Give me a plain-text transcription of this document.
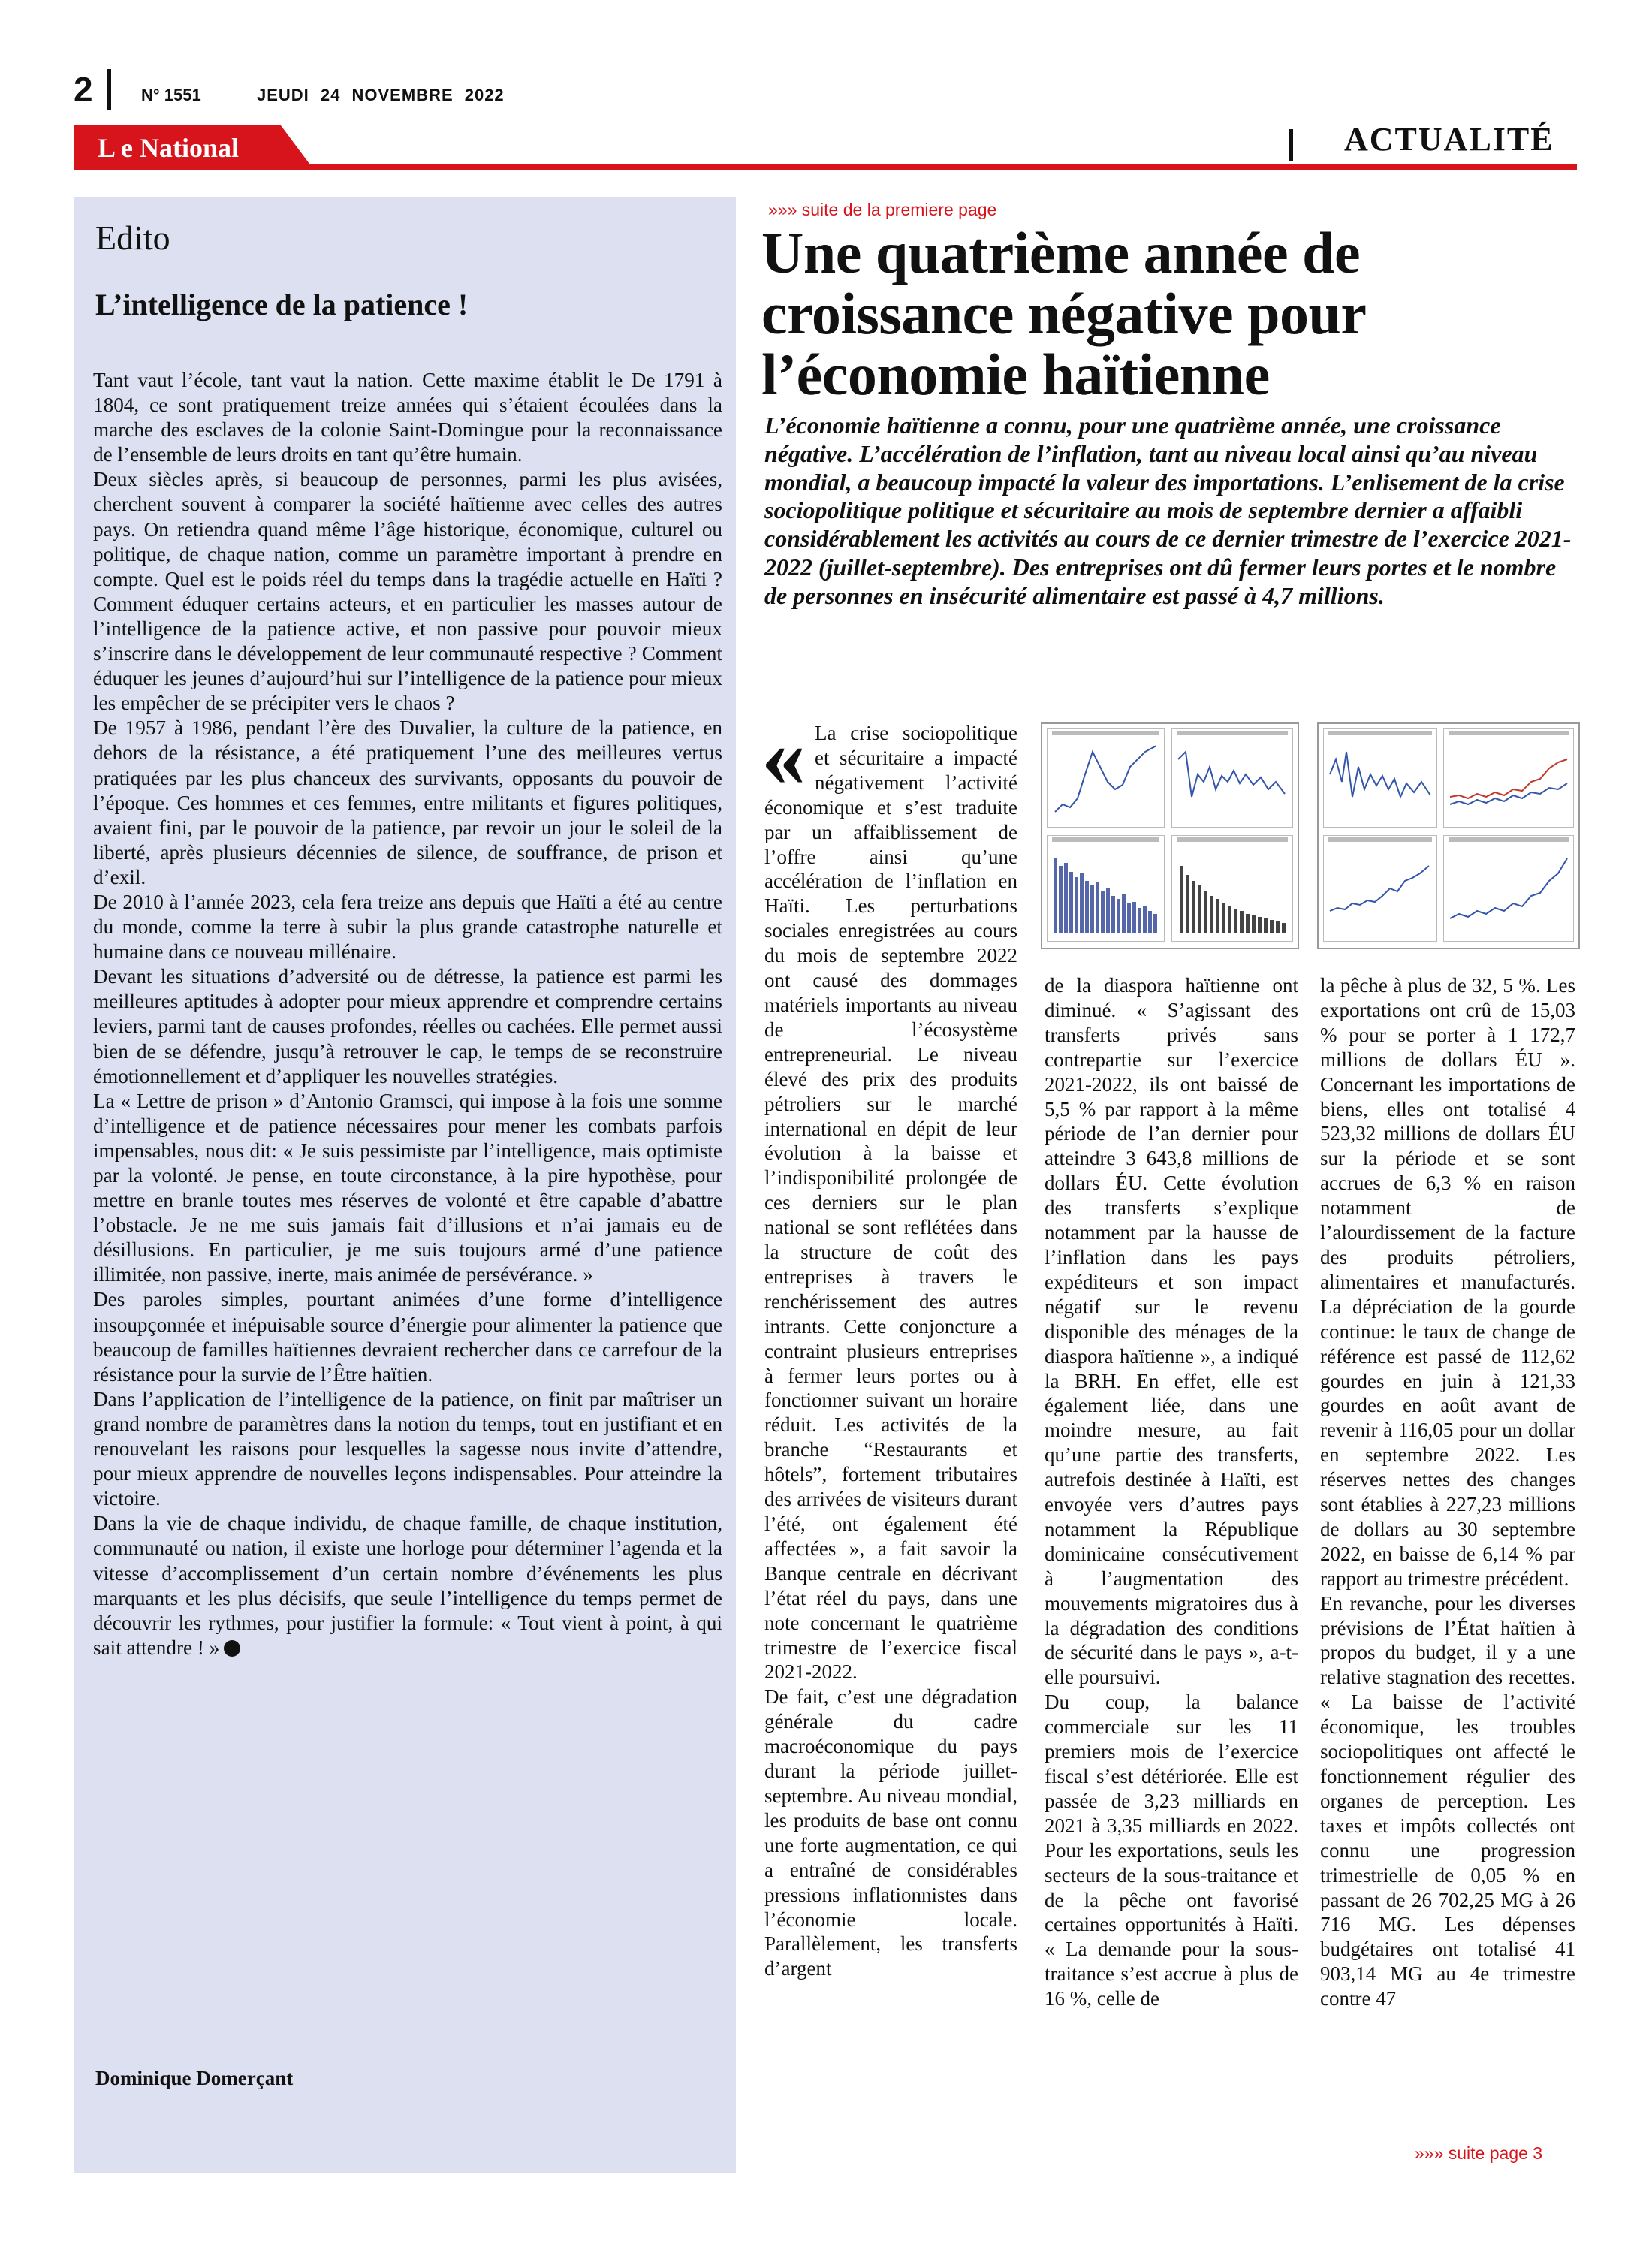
2	N° 1551	JEUDI 24 NOVEMBRE 2022
L e National	ACTUALITÉ
Edito
L’intelligence de la patience !

Tant vaut l’école, tant vaut la nation. Cette maxime établit le De 1791 à 1804, ce sont pratiquement treize années qui s’étaient écoulées dans la marche des esclaves de la colonie Saint-Domingue pour la reconnaissance de l’ensemble de leurs droits en tant qu’être humain.

Deux siècles après, si beaucoup de personnes, parmi les plus avisées, cherchent souvent à comparer la société haïtienne avec celles des autres pays. On retiendra quand même l’âge historique, économique, culturel ou politique, de chaque nation, comme un paramètre important à prendre en compte. Quel est le poids réel du temps dans la tragédie actuelle en Haïti ? Comment éduquer certains acteurs, et en particulier les masses autour de l’intelligence de la patience active, et non passive pour pouvoir mieux s’inscrire dans le développement de leur communauté respective ? Comment éduquer les jeunes d’aujourd’hui sur l’intelligence de la patience pour mieux les empêcher de se précipiter vers le chaos ?

De 1957 à 1986, pendant l’ère des Duvalier, la culture de la patience, en dehors de la résistance, a été pratiquement l’une des meilleures vertus pratiquées par les plus chanceux des survivants, opposants du pouvoir de l’époque. Ces hommes et ces femmes, entre militants et figures politiques, avaient fini, par le pouvoir de la patience, par revoir un jour le soleil de la liberté, après plusieurs décennies de silence, de souffrance, de prison et d’exil.

De 2010 à l’année 2023, cela fera treize ans depuis que Haïti a été au centre du monde, comme la terre à subir la plus grande catastrophe naturelle et humaine dans ce nouveau millénaire.

Devant les situations d’adversité ou de détresse, la patience est parmi les meilleures aptitudes à adopter pour mieux apprendre et comprendre certains leviers, parmi tant de causes profondes, réelles ou cachées. Elle permet aussi bien de se défendre, jusqu’à retrouver le cap, le temps de se reconstruire émotionnellement et d’appliquer les nouvelles stratégies.

La « Lettre de prison » d’Antonio Gramsci, qui impose à la fois une somme d’intelligence et de patience nécessaires pour mener les combats parfois impensables, nous dit: « Je suis pessimiste par l’intelligence, mais optimiste par la volonté. Je pense, en toute circonstance, à la pire hypothèse, pour mettre en branle toutes mes réserves de volonté et être capable d’abattre l’obstacle. Je ne me suis jamais fait d’illusions et n’ai jamais eu de désillusions. En particulier, je me suis toujours armé d’une patience illimitée, non passive, inerte, mais animée de persévérance. »

Des paroles simples, pourtant animées d’une forme d’intelligence insoupçonnée et inépuisable source d’énergie pour alimenter la patience que beaucoup de familles haïtiennes devraient rechercher dans ce carrefour de la résistance pour la survie de l’Être haïtien.

Dans l’application de l’intelligence de la patience, on finit par maîtriser un grand nombre de paramètres dans la notion du temps, tout en justifiant et en renouvelant les raisons pour lesquelles la sagesse nous invite d’attendre, pour mieux apprendre de nouvelles leçons indispensables. Pour atteindre la victoire.

Dans la vie de chaque individu, de chaque famille, de chaque institution, communauté ou nation, il existe une horloge pour déterminer l’agenda et la vitesse d’accomplissement d’un certain nombre d’événements les plus marquants et les plus décisifs, que seule l’intelligence du temps permet de découvrir les rythmes, pour justifier la formule: « Tout vient à point, à qui sait attendre ! »

Dominique Domerçant
»»» suite de la premiere page
Une quatrième année de croissance négative pour l’économie haïtienne
L’économie haïtienne a connu, pour une quatrième année, une croissance négative. L’accélération de l’inflation, tant au niveau local ainsi qu’au niveau mondial, a beaucoup impacté la valeur des importations. L’enlisement de la crise sociopolitique politique et sécuritaire au mois de septembre dernier a affaibli considérablement les activités au cours de ce dernier trimestre de l’exercice 2021-2022 (juillet-septembre). Des entreprises ont dû fermer leurs portes et le nombre de personnes en insécurité alimentaire est passé à 4,7 millions.

« La crise sociopolitique et sécuritaire a impacté négativement l’activité économique et s’est traduite par un affaiblissement de l’offre ainsi qu’une accélération de l’inflation en Haïti. Les perturbations sociales enregistrées au cours du mois de septembre 2022 ont causé des dommages matériels importants au niveau de l’écosystème entrepreneurial. Le niveau élevé des prix des produits pétroliers sur le marché international en dépit de leur évolution à la baisse et l’indisponibilité prolongée de ces derniers sur le plan national se sont reflétées dans la structure de coût des entreprises à travers le renchérissement des autres intrants. Cette conjoncture a contraint plusieurs entreprises à fermer leurs portes ou à fonctionner suivant un horaire réduit. Les activités de la branche “Restaurants et hôtels”, fortement tributaires des arrivées de visiteurs durant l’été, ont également été affectées », a fait savoir la Banque centrale en décrivant l’état réel du pays, dans une note concernant le quatrième trimestre de l’exercice fiscal 2021-2022.

De fait, c’est une dégradation générale du cadre macroéconomique du pays durant la période juillet-septembre. Au niveau mondial, les produits de base ont connu une forte augmentation, ce qui a entraîné de considérables pressions inflationnistes dans l’économie locale. Parallèlement, les transferts d’argent

de la diaspora haïtienne ont diminué. « S’agissant des transferts privés sans contrepartie sur l’exercice 2021-2022, ils ont baissé de 5,5 % par rapport à la même période de l’an dernier pour atteindre 3 643,8 millions de dollars ÉU. Cette évolution des transferts s’explique notamment par la hausse de l’inflation dans les pays expéditeurs et son impact négatif sur le revenu disponible des ménages de la diaspora haïtienne », a indiqué la BRH. En effet, elle est également liée, dans une moindre mesure, au fait qu’une partie des transferts, autrefois destinée à Haïti, est envoyée vers d’autres pays notamment la République dominicaine consécutivement à l’augmentation des mouvements migratoires dus à la dégradation des conditions de sécurité dans le pays », a-t-elle poursuivi.

Du coup, la balance commerciale sur les 11 premiers mois de l’exercice fiscal s’est détériorée. Elle est passée de 3,23 milliards en 2021 à 3,35 milliards en 2022. Pour les exportations, seuls les secteurs de la sous-traitance et de la pêche ont favorisé certaines opportunités à Haïti. « La demande pour la sous-traitance s’est accrue à plus de 16 %, celle de

la pêche à plus de 32, 5 %. Les exportations ont crû de 15,03 % pour se porter à 1 172,7 millions de dollars ÉU ». Concernant les importations de biens, elles ont totalisé 4 523,32 millions de dollars ÉU sur la période et se sont accrues de 6,3 % en raison notamment de l’alourdissement de la facture des produits pétroliers, alimentaires et manufacturés. La dépréciation de la gourde continue: le taux de change de référence est passé de 112,62 gourdes en juin à 121,33 gourdes en août avant de revenir à 116,05 pour un dollar en septembre 2022. Les réserves nettes des changes sont établies à 227,23 millions de dollars au 30 septembre 2022, en baisse de 6,14 % par rapport au trimestre précédent.

En revanche, pour les diverses prévisions de l’État haïtien à propos du budget, il y a une relative stagnation des recettes. « La baisse de l’activité économique, les troubles sociopolitiques ont affecté le fonctionnement régulier des organes de perception. Les taxes et impôts collectés ont connu une progression trimestrielle de 0,05 % en passant de 26 702,25 MG à 26 716 MG. Les dépenses budgétaires ont totalisé 41 903,14 MG au 4e trimestre contre 47

»»» suite page 3
